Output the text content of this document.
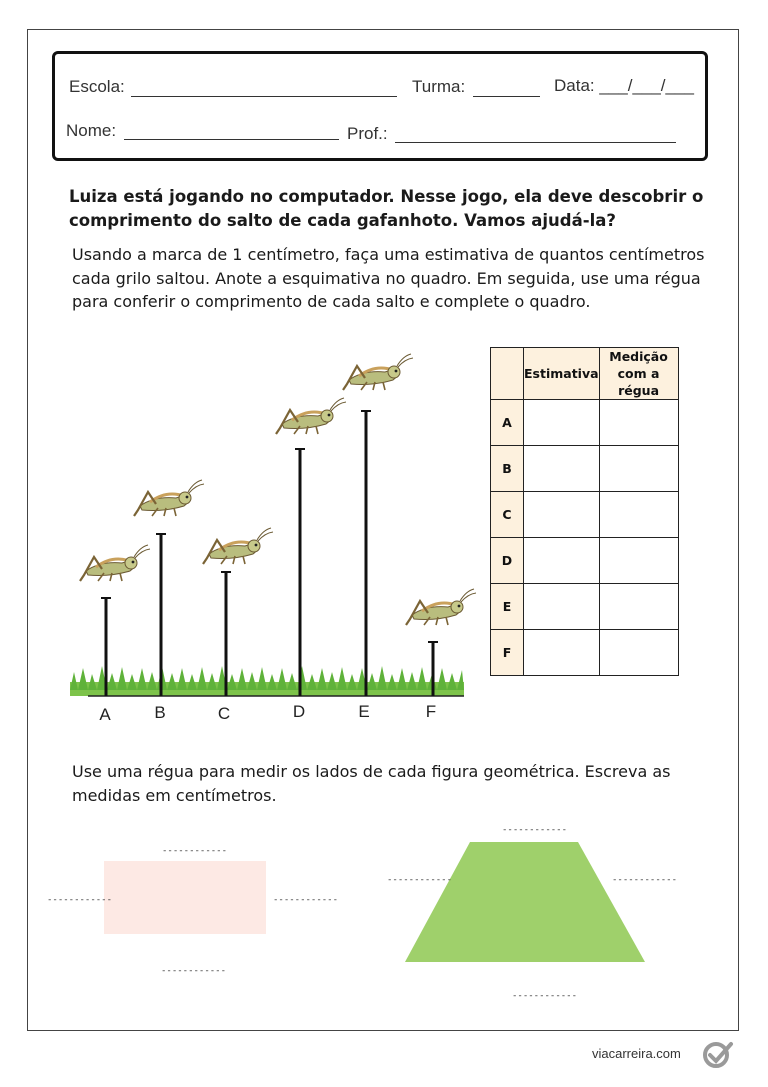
Escola:	Turma:	Data: ___/___/___
Nome:	Prof.:

Luiza está jogando no computador. Nesse jogo, ela deve descobrir o comprimento do salto de cada gafanhoto. Vamos ajudá-la?

Usando a marca de 1 centímetro, faça uma estimativa de quantos centímetros cada grilo saltou. Anote a esquimativa no quadro. Em seguida, use uma régua para conferir o comprimento de cada salto e complete o quadro.

A	B	C	D	E	F
	Estimativa	Medição com a régua
A		
B		
C		
D		
E		
F		

Use uma régua para medir os lados de cada figura geométrica. Escreva as medidas em centímetros.

------------
------------	------------
------------
------------
------------	------------
------------
viacarreira.com
